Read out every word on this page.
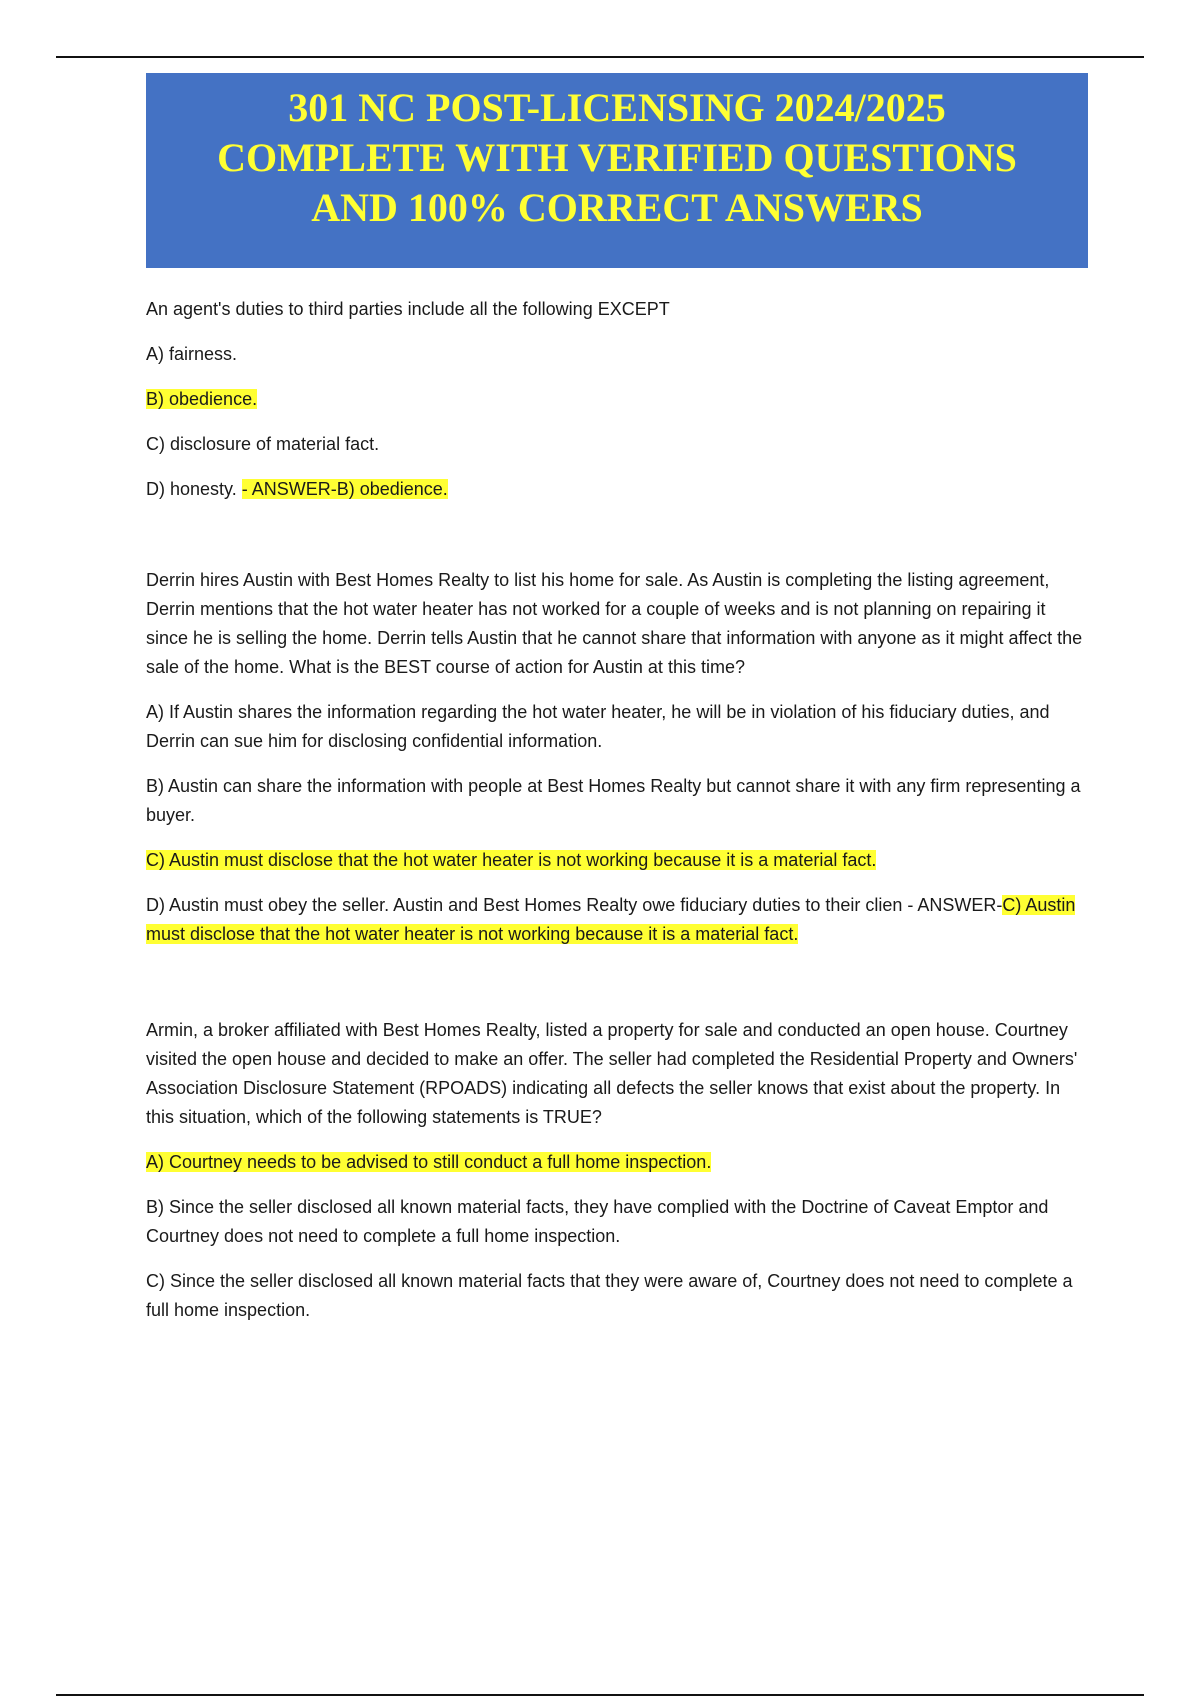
301 NC POST-LICENSING 2024/2025
COMPLETE WITH VERIFIED QUESTIONS
AND 100% CORRECT ANSWERS

An agent's duties to third parties include all the following EXCEPT

A) fairness.

B) obedience.

C) disclosure of material fact.

D) honesty. - ANSWER-B) obedience.

Derrin hires Austin with Best Homes Realty to list his home for sale. As Austin is completing the listing agreement, Derrin mentions that the hot water heater has not worked for a couple of weeks and is not planning on repairing it since he is selling the home. Derrin tells Austin that he cannot share that information with anyone as it might affect the sale of the home. What is the BEST course of action for Austin at this time?

A) If Austin shares the information regarding the hot water heater, he will be in violation of his fiduciary duties, and Derrin can sue him for disclosing confidential information.

B) Austin can share the information with people at Best Homes Realty but cannot share it with any firm representing a buyer.

C) Austin must disclose that the hot water heater is not working because it is a material fact.

D) Austin must obey the seller. Austin and Best Homes Realty owe fiduciary duties to their clien - ANSWER-C) Austin must disclose that the hot water heater is not working because it is a material fact.

Armin, a broker affiliated with Best Homes Realty, listed a property for sale and conducted an open house. Courtney visited the open house and decided to make an offer. The seller had completed the Residential Property and Owners' Association Disclosure Statement (RPOADS) indicating all defects the seller knows that exist about the property. In this situation, which of the following statements is TRUE?

A) Courtney needs to be advised to still conduct a full home inspection.

B) Since the seller disclosed all known material facts, they have complied with the Doctrine of Caveat Emptor and Courtney does not need to complete a full home inspection.

C) Since the seller disclosed all known material facts that they were aware of, Courtney does not need to complete a full home inspection.
